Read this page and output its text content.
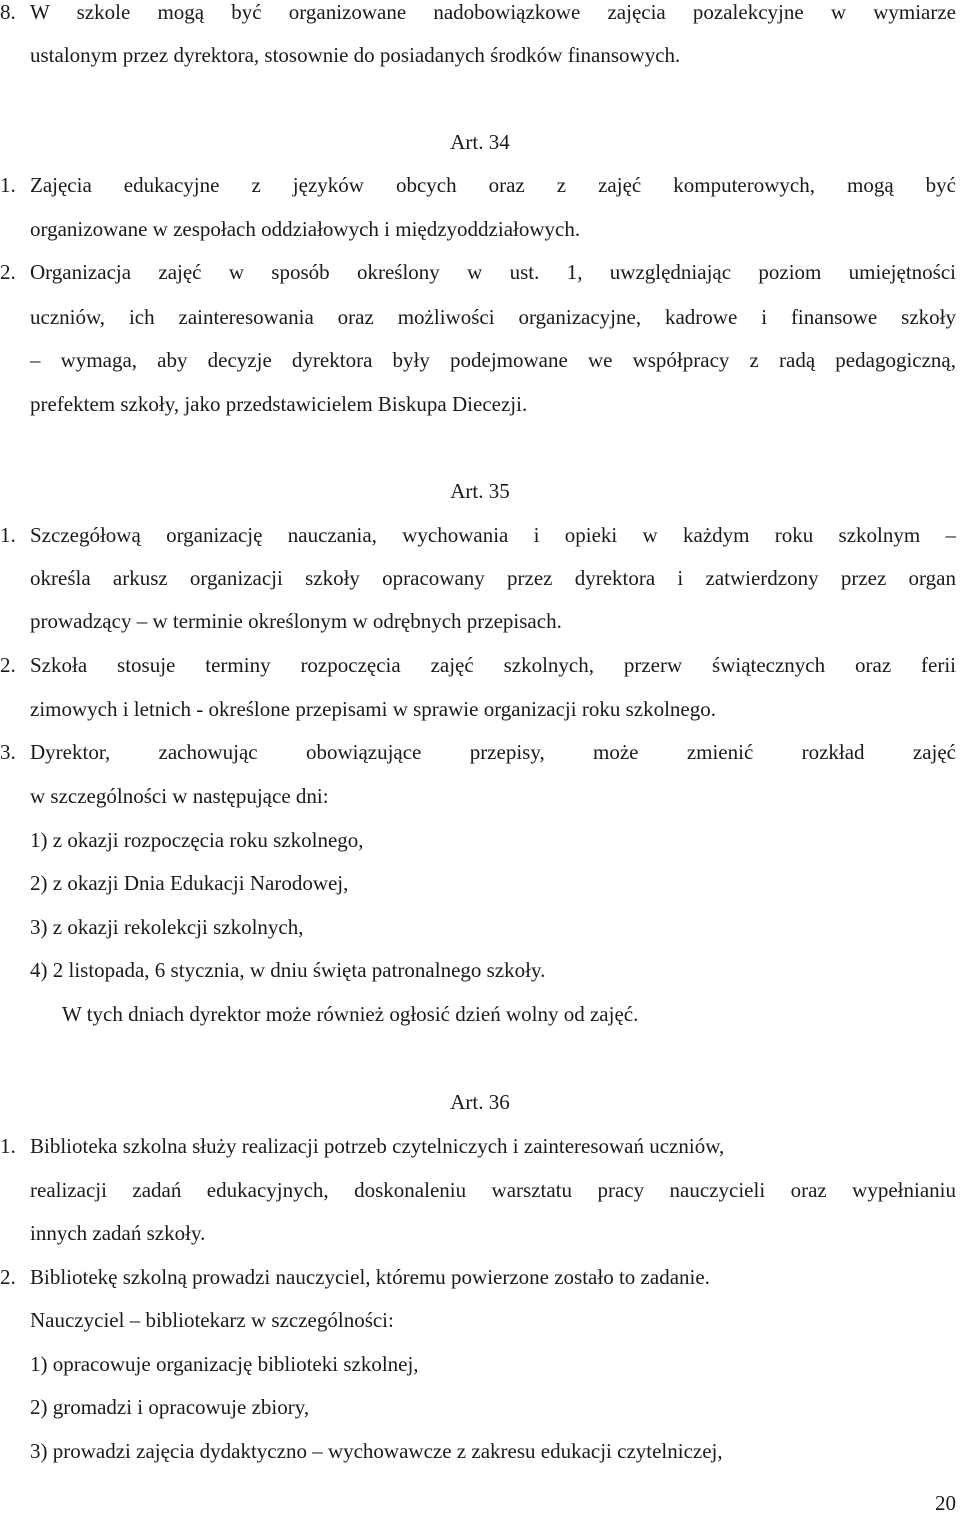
8. W szkole mogą być organizowane nadobowiązkowe zajęcia pozalekcyjne w wymiarze
ustalonym przez dyrektora, stosownie do posiadanych środków finansowych.
Art. 34
1. Zajęcia edukacyjne z języków obcych oraz z zajęć komputerowych, mogą być
organizowane w zespołach oddziałowych i międzyoddziałowych.
2. Organizacja zajęć w sposób określony w ust. 1, uwzględniając poziom umiejętności
uczniów, ich zainteresowania oraz możliwości organizacyjne, kadrowe i finansowe szkoły
– wymaga, aby decyzje dyrektora były podejmowane we współpracy z radą pedagogiczną,
prefektem szkoły, jako przedstawicielem Biskupa Diecezji.
Art. 35
1. Szczegółową organizację nauczania, wychowania i opieki w każdym roku szkolnym –
określa arkusz organizacji szkoły opracowany przez dyrektora i zatwierdzony przez organ
prowadzący – w terminie określonym w odrębnych przepisach.
2. Szkoła stosuje terminy rozpoczęcia zajęć szkolnych, przerw świątecznych oraz ferii
zimowych i letnich - określone przepisami w sprawie organizacji roku szkolnego.
3. Dyrektor, zachowując obowiązujące przepisy, może zmienić rozkład zajęć
w szczególności w następujące dni:
1) z okazji rozpoczęcia roku szkolnego,
2) z okazji Dnia Edukacji Narodowej,
3) z okazji rekolekcji szkolnych,
4) 2 listopada, 6 stycznia, w dniu święta patronalnego szkoły.
W tych dniach dyrektor może również ogłosić dzień wolny od zajęć.
Art. 36
1. Biblioteka szkolna służy realizacji potrzeb czytelniczych i zainteresowań uczniów,
realizacji zadań edukacyjnych, doskonaleniu warsztatu pracy nauczycieli oraz wypełnianiu
innych zadań szkoły.
2. Bibliotekę szkolną prowadzi nauczyciel, któremu powierzone zostało to zadanie.
Nauczyciel – bibliotekarz w szczególności:
1) opracowuje organizację biblioteki szkolnej,
2) gromadzi i opracowuje zbiory,
3) prowadzi zajęcia dydaktyczno – wychowawcze z zakresu edukacji czytelniczej,
20
